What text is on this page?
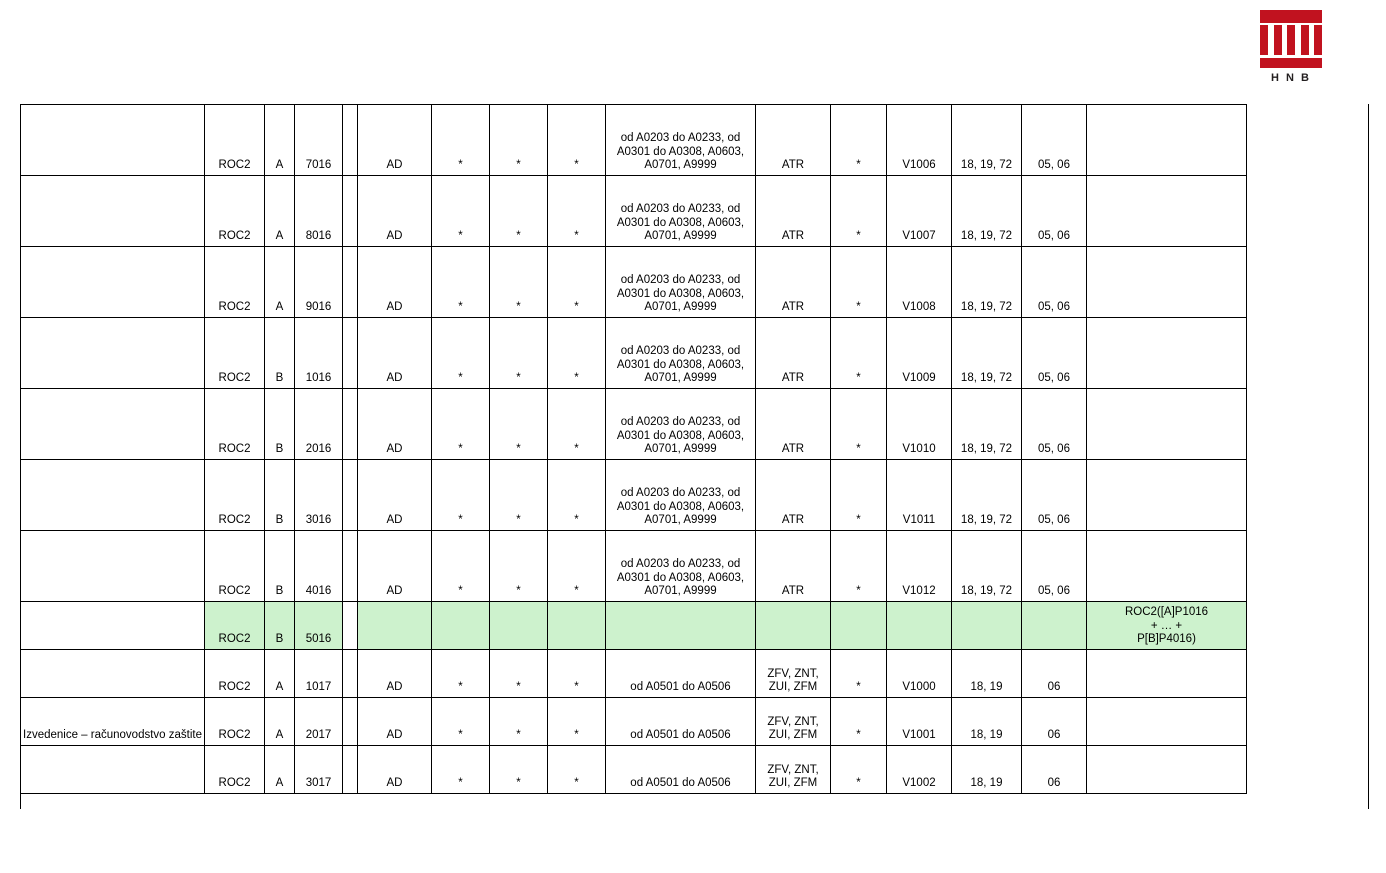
H N B
	ROC2	A	7016		AD	*	*	*	od A0203 do A0233, od A0301 do A0308, A0603, A0701, A9999	ATR	*	V1006	18, 19, 72	05, 06	
	ROC2	A	8016		AD	*	*	*	od A0203 do A0233, od A0301 do A0308, A0603, A0701, A9999	ATR	*	V1007	18, 19, 72	05, 06	
	ROC2	A	9016		AD	*	*	*	od A0203 do A0233, od A0301 do A0308, A0603, A0701, A9999	ATR	*	V1008	18, 19, 72	05, 06	
	ROC2	B	1016		AD	*	*	*	od A0203 do A0233, od A0301 do A0308, A0603, A0701, A9999	ATR	*	V1009	18, 19, 72	05, 06	
	ROC2	B	2016		AD	*	*	*	od A0203 do A0233, od A0301 do A0308, A0603, A0701, A9999	ATR	*	V1010	18, 19, 72	05, 06	
	ROC2	B	3016		AD	*	*	*	od A0203 do A0233, od A0301 do A0308, A0603, A0701, A9999	ATR	*	V1011	18, 19, 72	05, 06	
	ROC2	B	4016		AD	*	*	*	od A0203 do A0233, od A0301 do A0308, A0603, A0701, A9999	ATR	*	V1012	18, 19, 72	05, 06	
	ROC2	B	5016												ROC2([A]P1016
+ … +
P[B]P4016)

	ROC2	A	1017		AD	*	*	*	od A0501 do A0506	ZFV, ZNT, ZUI, ZFM	*	V1000	18, 19	06	
Izvedenice – računovodstvo zaštite	ROC2	A	2017		AD	*	*	*	od A0501 do A0506	ZFV, ZNT, ZUI, ZFM	*	V1001	18, 19	06	
	ROC2	A	3017		AD	*	*	*	od A0501 do A0506	ZFV, ZNT, ZUI, ZFM	*	V1002	18, 19	06	
